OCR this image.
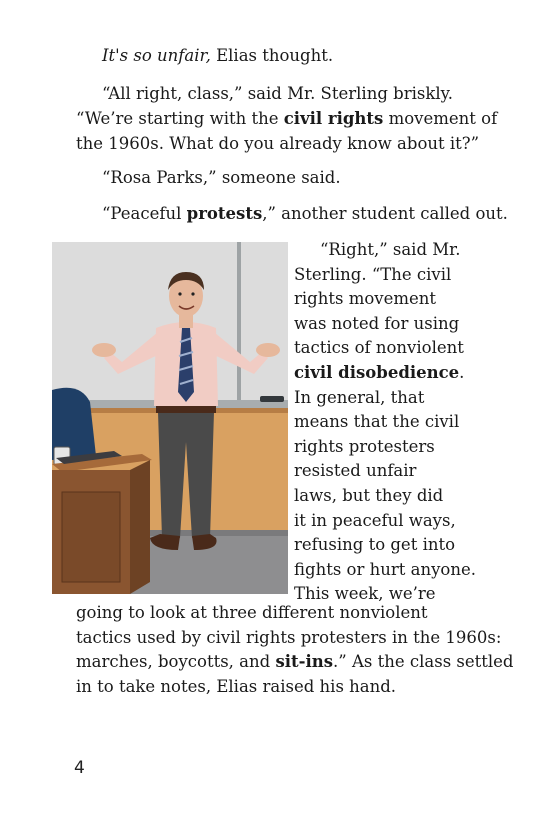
It's so unfair, Elias thought.

“All right, class,” said Mr. Sterling briskly.
“We’re starting with the civil rights movement of
the 1960s. What do you already know about it?”

“Rosa Parks,” someone said.

“Peaceful protests,” another student called out.

“Right,” said Mr.
Sterling. “The civil
rights movement
was noted for using
tactics of nonviolent
civil disobedience.
In general, that
means that the civil
rights protesters
resisted unfair
laws, but they did
it in peaceful ways,
refusing to get into
fights or hurt anyone.
This week, we’re

going to look at three different nonviolent
tactics used by civil rights protesters in the 1960s:
marches, boycotts, and sit-ins.” As the class settled
in to take notes, Elias raised his hand.

4
